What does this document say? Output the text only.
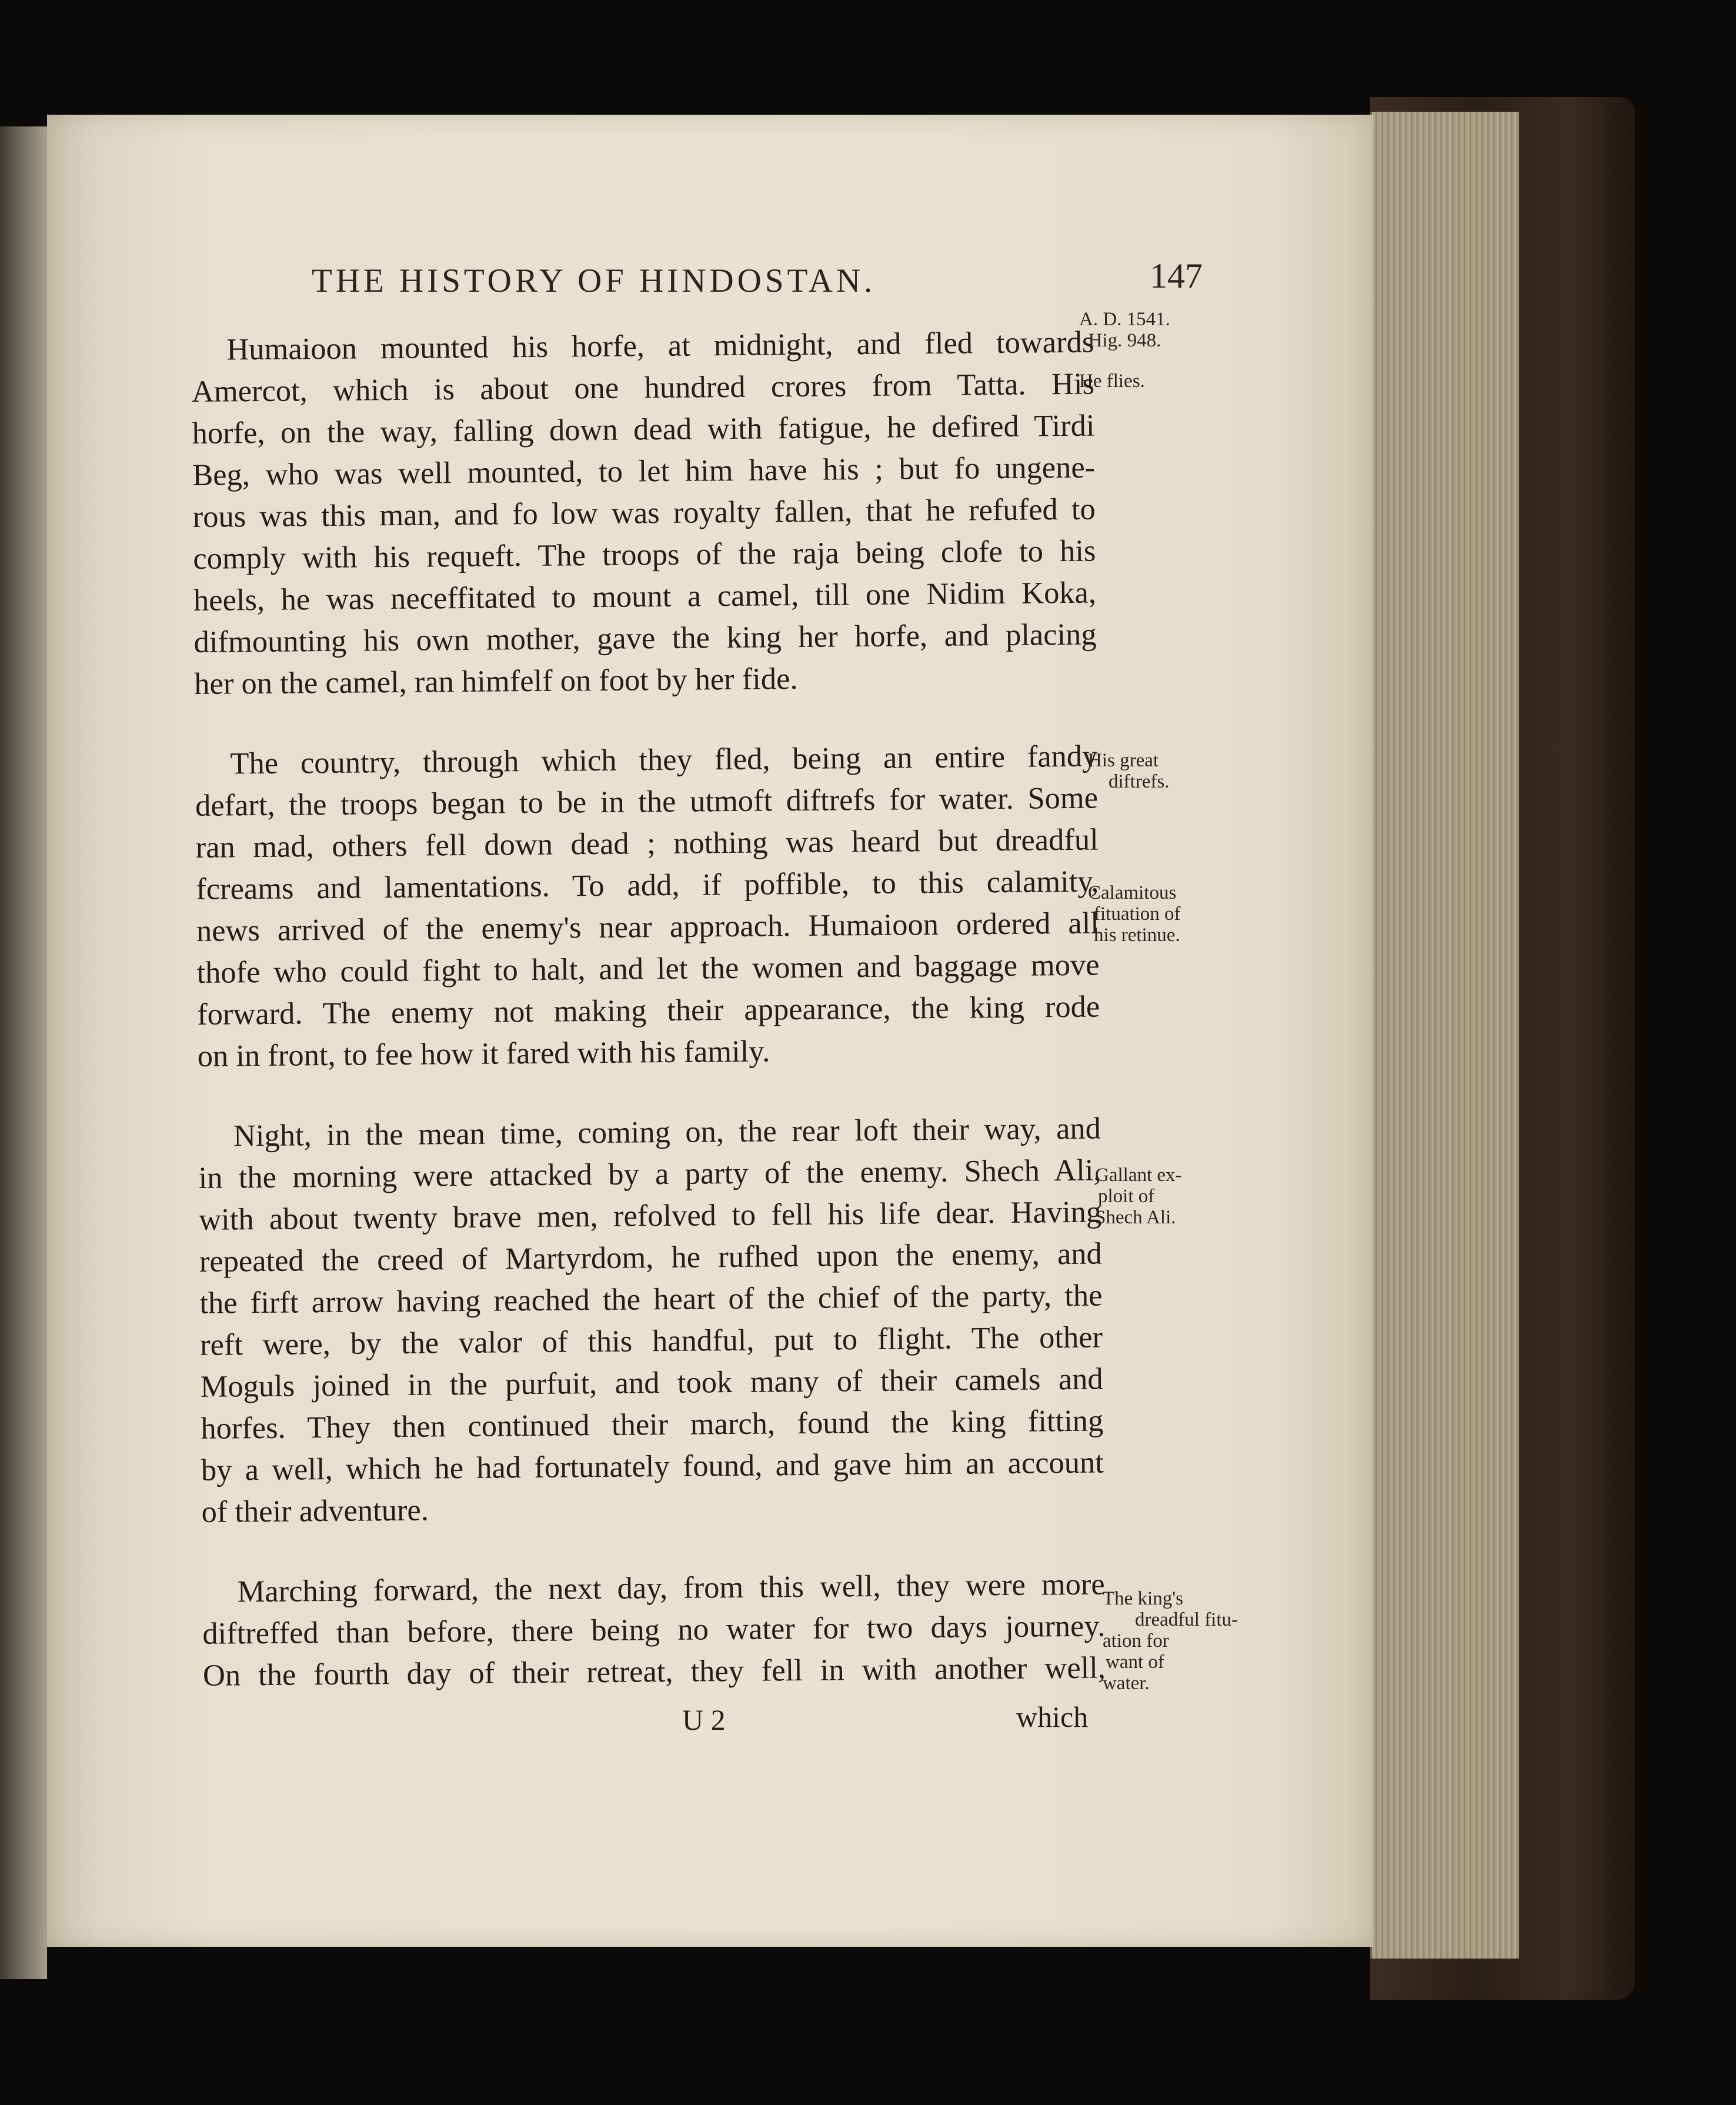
THE HISTORY OF HINDOSTAN.	147
Humaioon mounted his horfe, at midnight, and fled towards
Amercot, which is about one hundred crores from Tatta. His
horfe, on the way, falling down dead with fatigue, he defired Tirdi
Beg, who was well mounted, to let him have his ; but fo ungene-
rous was this man, and fo low was royalty fallen, that he refufed to
comply with his requeft. The troops of the raja being clofe to his
heels, he was neceffitated to mount a camel, till one Nidim Koka,
difmounting his own mother, gave the king her horfe, and placing
her on the camel, ran himfelf on foot by her fide.
The country, through which they fled, being an entire fandy
defart, the troops began to be in the utmoft diftrefs for water. Some
ran mad, others fell down dead ; nothing was heard but dreadful
fcreams and lamentations. To add, if poffible, to this calamity,
news arrived of the enemy's near approach. Humaioon ordered all
thofe who could fight to halt, and let the women and baggage move
forward. The enemy not making their appearance, the king rode
on in front, to fee how it fared with his family.
Night, in the mean time, coming on, the rear loft their way, and
in the morning were attacked by a party of the enemy. Shech Ali,
with about twenty brave men, refolved to fell his life dear. Having
repeated the creed of Martyrdom, he rufhed upon the enemy, and
the firft arrow having reached the heart of the chief of the party, the
reft were, by the valor of this handful, put to flight. The other
Moguls joined in the purfuit, and took many of their camels and
horfes. They then continued their march, found the king fitting
by a well, which he had fortunately found, and gave him an account
of their adventure.
Marching forward, the next day, from this well, they were more
diftreffed than before, there being no water for two days journey.
On the fourth day of their retreat, they fell in with another well,
A. D. 1541.
Hig. 948.
He flies.
His great
diftrefs.
Calamitous
fituation of
his retinue.
Gallant ex-
ploit of
Shech Ali.
The king's
dreadful fitu-
ation for
want of
water.
U 2	which
